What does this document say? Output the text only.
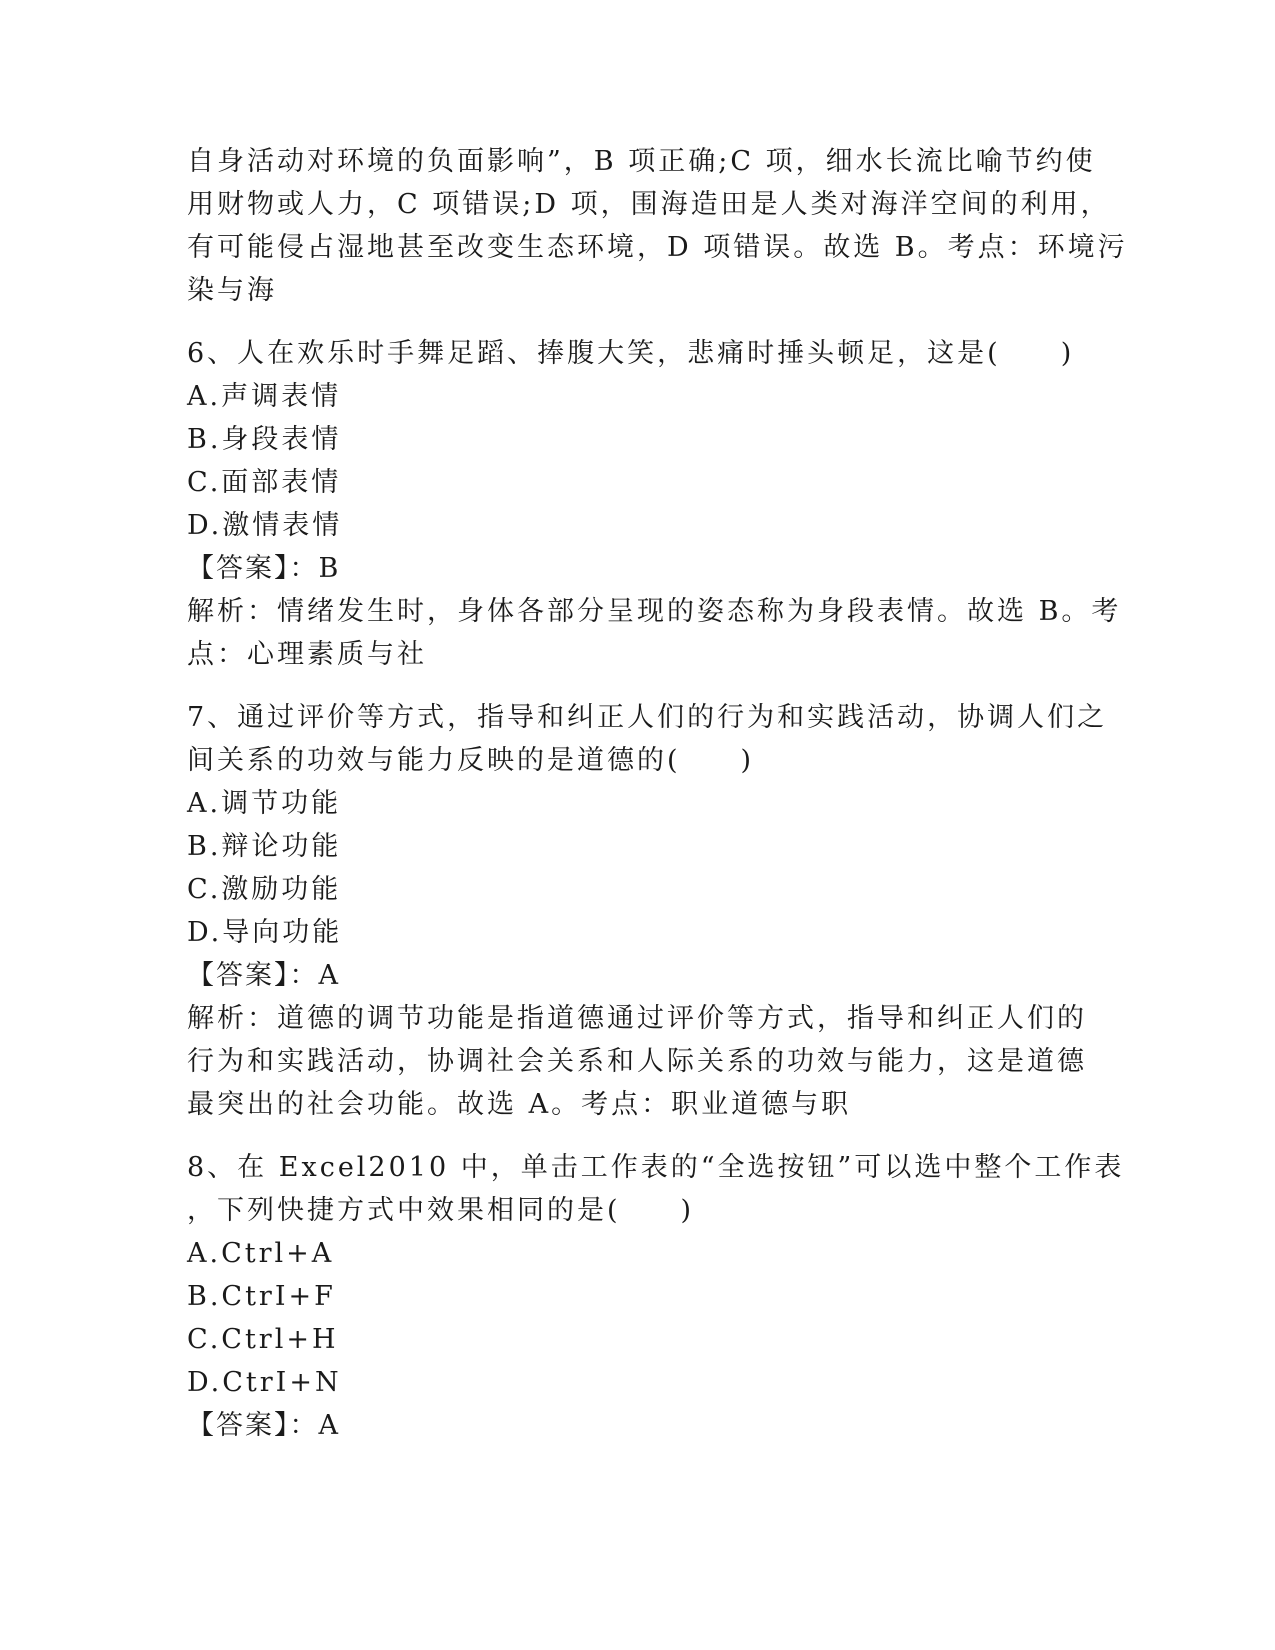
自身活动对环境的负面影响”，B 项正确;C 项，细水长流比喻节约使
用财物或人力，C 项错误;D 项，围海造田是人类对海洋空间的利用，
有可能侵占湿地甚至改变生态环境，D 项错误。故选 B。考点：环境污
染与海
6、人在欢乐时手舞足蹈、捧腹大笑，悲痛时捶头顿足，这是(　　)
A.声调表情
B.身段表情
C.面部表情
D.激情表情
【答案】：B
解析：情绪发生时，身体各部分呈现的姿态称为身段表情。故选 B。考
点：心理素质与社
7、通过评价等方式，指导和纠正人们的行为和实践活动，协调人们之
间关系的功效与能力反映的是道德的(　　)
A.调节功能
B.辩论功能
C.激励功能
D.导向功能
【答案】：A
解析：道德的调节功能是指道德通过评价等方式，指导和纠正人们的
行为和实践活动，协调社会关系和人际关系的功效与能力，这是道德
最突出的社会功能。故选 A。考点：职业道德与职
8、在 Excel2010 中，单击工作表的“全选按钮”可以选中整个工作表
，下列快捷方式中效果相同的是(　　)
A.Ctrl+A
B.CtrI+F
C.Ctrl+H
D.CtrI+N
【答案】：A
